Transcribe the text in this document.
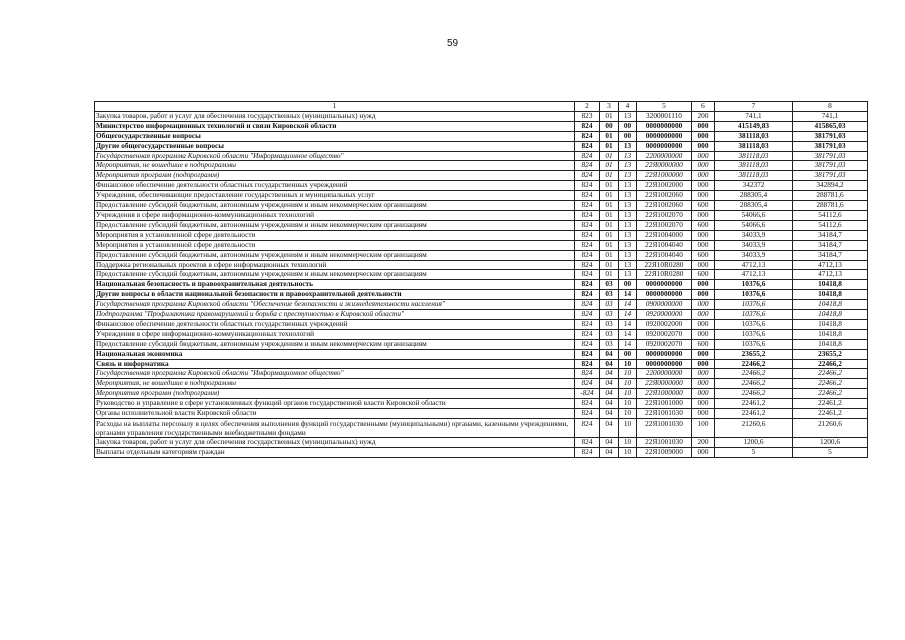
59
1	2	3	4	5	6	7	8
Закупка товаров, работ и услуг для обеспечения государственных (муниципальных) нужд	823	01	13	3200001110	200	741,1	741,1
Министерство информационных технологий и связи Кировской области	824	00	00	0000000000	000	415149,83	415865,03
Общегосударственные вопросы	824	01	00	0000000000	000	381118,03	381791,03
Другие общегосударственные вопросы	824	01	13	0000000000	000	381118,03	381791,03
Государственная программа Кировской области "Информационное общество"	824	01	13	2200000000	000	381118,03	381791,03
Мероприятия, не вошедшие в подпрограммы	824	01	13	22Я0000000	000	381118,03	381791,03
Мероприятия программ (подпрограмм)	824	01	13	22Я1000000	000	381118,03	381791,03
Финансовое обеспечение деятельности областных государственных учреждений	824	01	13	22Я1002000	000	342372	342894,2
Учреждения, обеспечивающие предоставление государственных и муниципальных услуг	824	01	13	22Я1002060	000	288305,4	288781,6
Предоставление субсидий бюджетным, автономным учреждениям и иным некоммерческим организациям	824	01	13	22Я1002060	600	288305,4	288781,6
Учреждения в сфере информационно-коммуникационных технологий	824	01	13	22Я1002070	000	54066,6	54112,6
Предоставление субсидий бюджетным, автономным учреждениям и иным некоммерческим организациям	824	01	13	22Я1002070	600	54066,6	54112,6
Мероприятия в установленной сфере деятельности	824	01	13	22Я1004000	000	34033,9	34184,7
Мероприятия в установленной сфере деятельности	824	01	13	22Я1004040	000	34033,9	34184,7
Предоставление субсидий бюджетным, автономным учреждениям и иным некоммерческим организациям	824	01	13	22Я1004040	600	34033,9	34184,7
Поддержка региональных проектов в сфере информационных технологий	824	01	13	22Я10R0280	000	4712,13	4712,13
Предоставление субсидий бюджетным, автономным учреждениям и иным некоммерческим организациям	824	01	13	22Я10R0280	600	4712,13	4712,13
Национальная безопасность и правоохранительная деятельность	824	03	00	0000000000	000	10376,6	10418,8
Другие вопросы в области национальной безопасности и правоохранительной деятельности	824	03	14	0000000000	000	10376,6	10418,8
Государственная программа Кировской области "Обеспечение безопасности и жизнедеятельности населения"	824	03	14	0900000000	000	10376,6	10418,8
Подпрограмма "Профилактика правонарушений и борьба с преступностью в Кировской области"	824	03	14	0920000000	000	10376,6	10418,8
Финансовое обеспечение деятельности областных государственных учреждений	824	03	14	0920002000	000	10376,6	10418,8
Учреждения в сфере информационно-коммуникационных технологий	824	03	14	0920002070	000	10376,6	10418,8
Предоставление субсидий бюджетным, автономным учреждениям и иным некоммерческим организациям	824	03	14	0920002070	600	10376,6	10418,8
Национальная экономика	824	04	00	0000000000	000	23655,2	23655,2
Связь и информатика	824	04	10	0000000000	000	22466,2	22466,2
Государственная программа Кировской области "Информационное общество"	824	04	10	2200000000	000	22466,2	22466,2
Мероприятия, не вошедшие в подпрограммы	824	04	10	22Я0000000	000	22466,2	22466,2
Мероприятия программ (подпрограмм)	-824	04	10	22Я1000000	000	22466,2	22466,2
Руководство и управление в сфере установленных функций органов государственной власти Кировской области	824	04	10	22Я1001000	000	22461,2	22461,2
Органы исполнительной власти Кировской области	824	04	10	22Я1001030	000	22461,2	22461,2
Расходы на выплаты персоналу в целях обеспечения выполнения функций государственными (муниципальными) органами, казенными учреждениями, органами управления государственными внебюджетными фондами	824	04	10	22Я1001030	100	21260,6	21260,6
Закупка товаров, работ и услуг для обеспечения государственных (муниципальных) нужд	824	04	10	22Я1001030	200	1200,6	1200,6
Выплаты отдельным категориям граждан	824	04	10	22Я1009000	000	5	5
